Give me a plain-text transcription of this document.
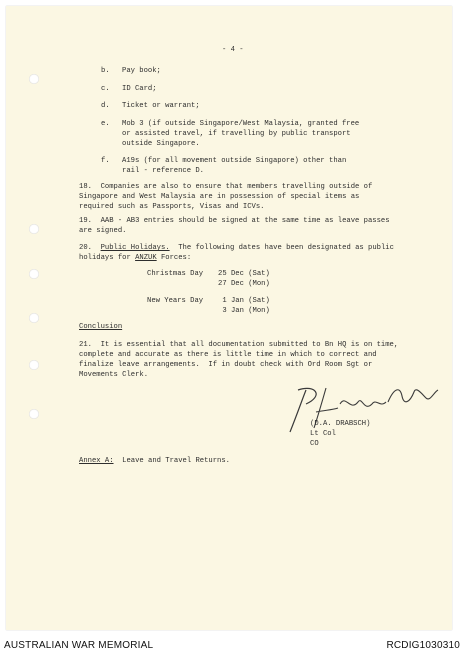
- 4 -
b. Pay book;
c. ID Card;
d. Ticket or warrant;
e. Mob 3 (if outside Singapore/West Malaysia, granted free
or assisted travel, if travelling by public transport
outside Singapore.
f. A19s (for all movement outside Singapore) other than
rail - reference D.
18.  Companies are also to ensure that members travelling outside of
Singapore and West Malaysia are in possession of special items as
required such as Passports, Visas and ICVs.
19.  AAB - AB3 entries should be signed at the same time as leave passes
are signed.
20. Public Holidays.  The following dates have been designated as public
holidays for ANZUK Forces:
Christmas Day 25 Dec (Sat)
27 Dec (Mon)
New Years Day 1 Jan (Sat)
3 Jan (Mon)
Conclusion
21.  It is essential that all documentation submitted to Bn HQ is on time,
complete and accurate as there is little time in which to correct and
finalize leave arrangements.  If in doubt check with Ord Room Sgt or
Movements Clerk.
(D.A. DRABSCH)
Lt Col
CO
Annex A:  Leave and Travel Returns.
AUSTRALIAN WAR MEMORIAL	RCDIG1030310
